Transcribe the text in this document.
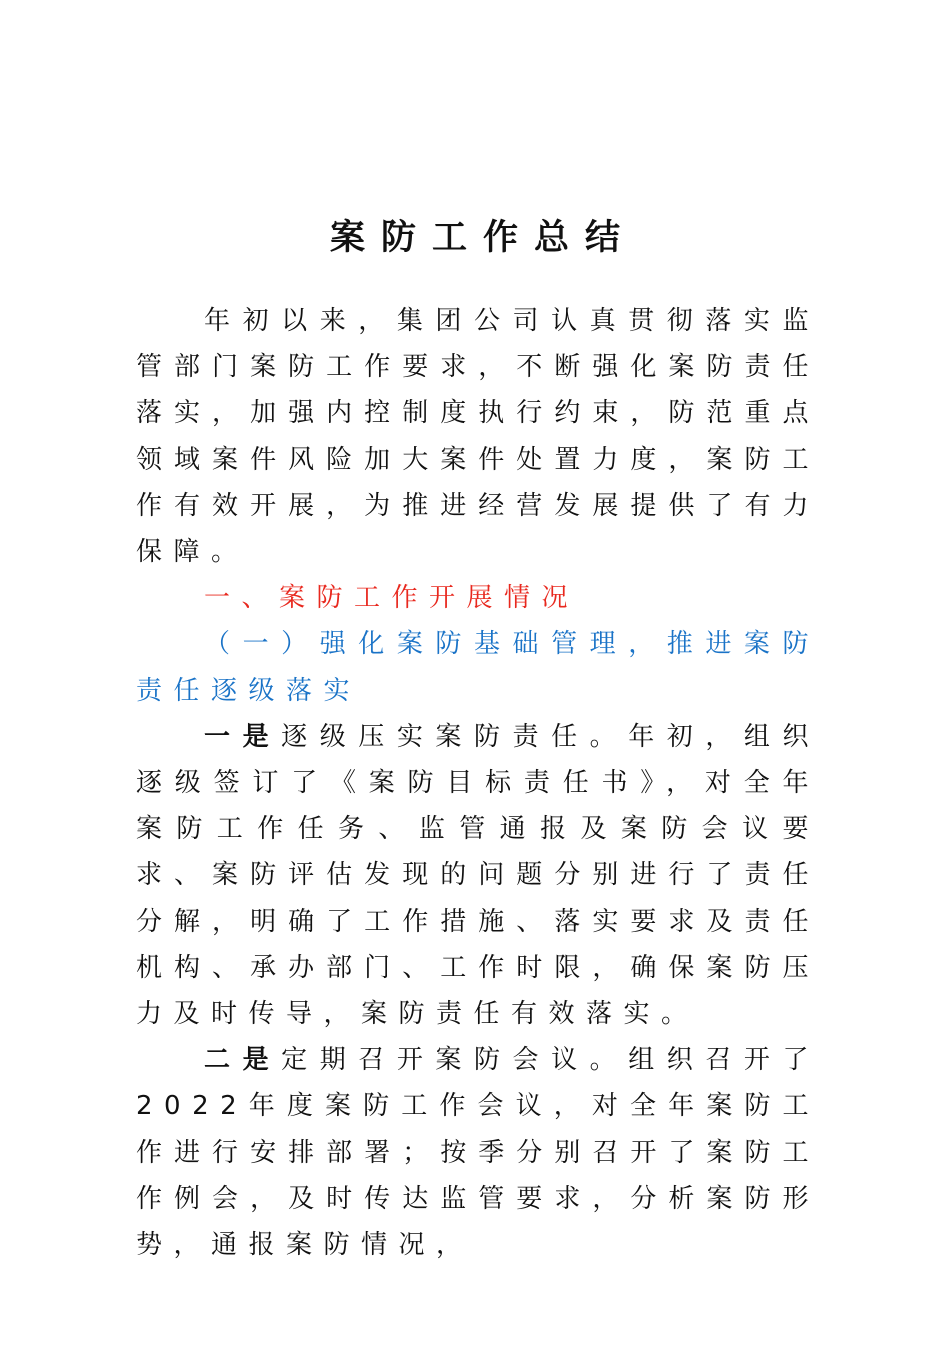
案防工作总结

年初以来，集团公司认真贯彻落实监管部门案防工作要求，不断强化案防责任落实，加强内控制度执行约束，防范重点领域案件风险加大案件处置力度，案防工作有效开展，为推进经营发展提供了有力保障。

一、案防工作开展情况

（一）强化案防基础管理，推进案防责任逐级落实

一是逐级压实案防责任。年初，组织逐级签订了《案防目标责任书》，对全年案防工作任务、监管通报及案防会议要求、案防评估发现的问题分别进行了责任分解，明确了工作措施、落实要求及责任机构、承办部门、工作时限，确保案防压力及时传导，案防责任有效落实。

二是定期召开案防会议。组织召开了2022年度案防工作会议，对全年案防工作进行安排部署；按季分别召开了案防工作例会，及时传达监管要求，分析案防形势，通报案防情况，
